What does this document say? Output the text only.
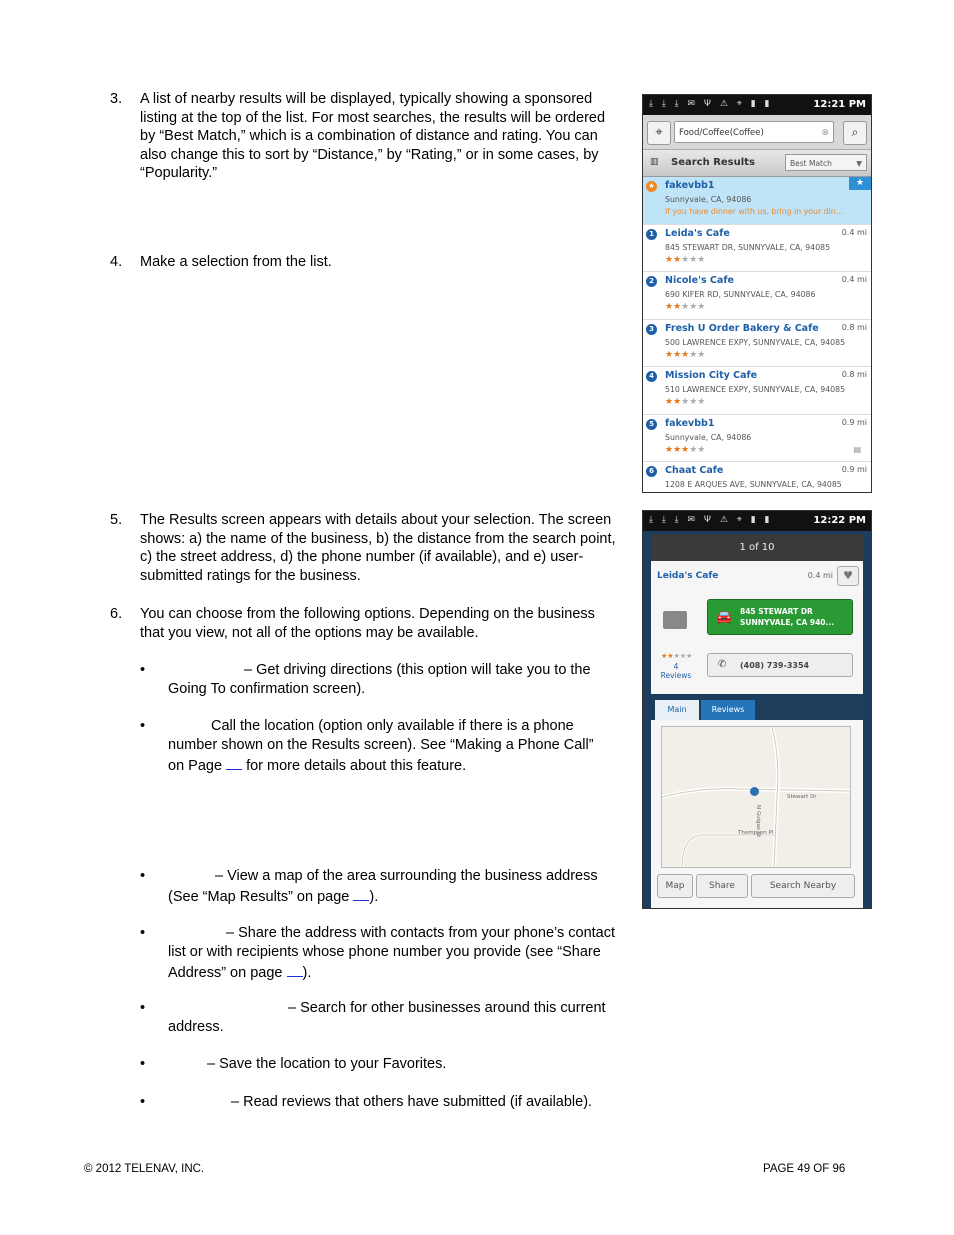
3. A list of nearby results will be displayed, typically showing a sponsored
listing at the top of the list. For most searches, the results will be ordered
by “Best Match,” which is a combination of distance and rating. You can
also change this to sort by “Distance,” by “Rating,” or in some cases, by
“Popularity.”
4. Make a selection from the list.
5. The Results screen appears with details about your selection. The screen
shows: a) the name of the business, b) the distance from the search point,
c) the street address, d) the phone number (if available), and e) user-
submitted ratings for the business.
6. You can choose from the following options. Depending on the business
that you view, not all of the options may be available.
•	– Get driving directions (this option will take you to the
Going To confirmation screen).
•	Call the location (option only available if there is a phone
number shown on the Results screen). See “Making a Phone Call”
on Page for more details about this feature.
•	– View a map of the area surrounding the business address
(See “Map Results” on page ).
•	– Share the address with contacts from your phone’s contact
list or with recipients whose phone number you provide (see “Share
Address” on page ).
•	– Search for other businesses around this current
address.
•	– Save the location to your Favorites.
•	– Read reviews that others have submitted (if available).
© 2012 TELENAV, INC.	PAGE 49 OF 96
⤓ ⤓ ⤓ ✉ Ψ ⚠ ⌖ ▮ ▮	12:21 PM
⌖	Food/Coffee(Coffee)	⊗	⌕
▥ Search Results	Best Match	▼
★ fakevbb1	★
Sunnyvale, CA, 94086
If you have dinner with us, bring in your din...
1	Leida's Cafe	0.4 mi
845 STEWART DR, SUNNYVALE, CA, 94085
★★★★★
2	Nicole's Cafe	0.4 mi
690 KIFER RD, SUNNYVALE, CA, 94086
★★★★★
3	Fresh U Order Bakery & Cafe	0.8 mi
500 LAWRENCE EXPY, SUNNYVALE, CA, 94085
★★★★★
4	Mission City Cafe	0.8 mi
510 LAWRENCE EXPY, SUNNYVALE, CA, 94085
★★★★★
5	fakevbb1	0.9 mi
Sunnyvale, CA, 94086
★★★★★	▤
6	Chaat Cafe	0.9 mi
1208 E ARQUES AVE, SUNNYVALE, CA, 94085
⤓ ⤓ ⤓ ✉ Ψ ⚠ ⌖ ▮ ▮	12:22 PM
1 of 10
Leida's Cafe	0.4 mi ♥
🚘 845 STEWART DR
SUNNYVALE, CA 940...
★★★★★
4
Reviews
✆ (408) 739-3354
Main	Reviews
Stewart Dr
Thompson Pl
N Guigas St
Map	Share	Search Nearby
